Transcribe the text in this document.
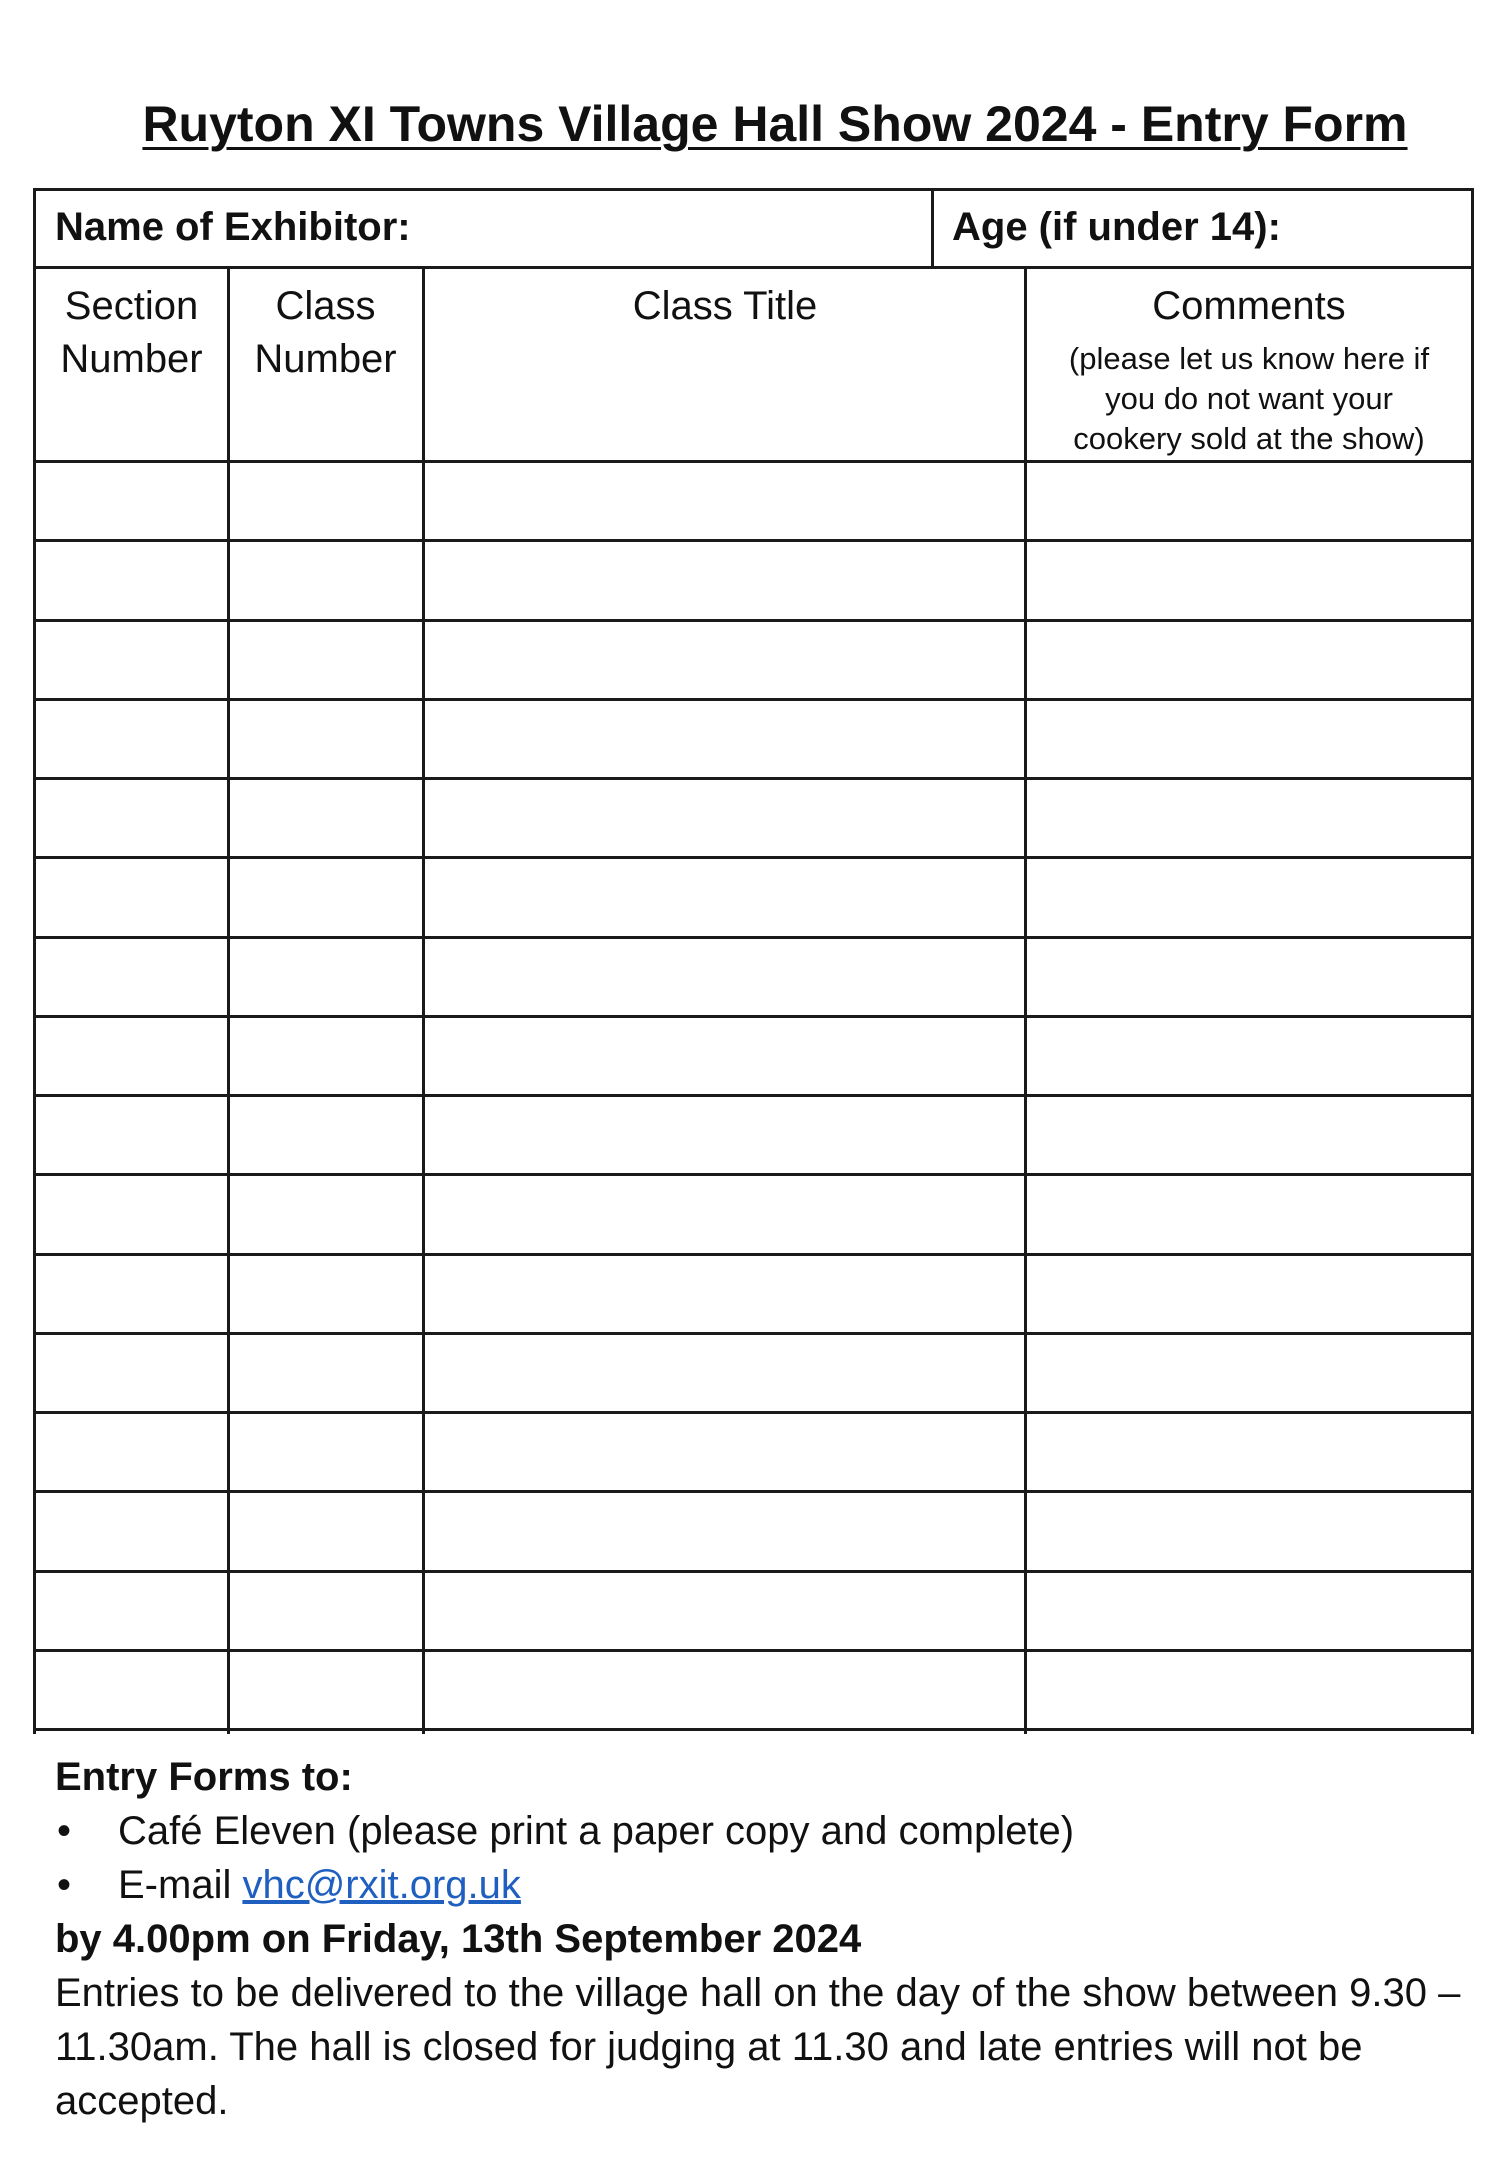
Ruyton XI Towns Village Hall Show 2024 - Entry Form
Name of Exhibitor:	Age (if under 14):
Section Number
Class Number
Class Title	Comments
(please let us know here if you do not want your cookery sold at the show)
Entry Forms to:
• Café Eleven (please print a paper copy and complete)
• E-mail vhc@rxit.org.uk
by 4.00pm on Friday, 13th September 2024
Entries to be delivered to the village hall on the day of the show between 9.30 – 11.30am. The hall is closed for judging at 11.30 and late entries will not be accepted.
